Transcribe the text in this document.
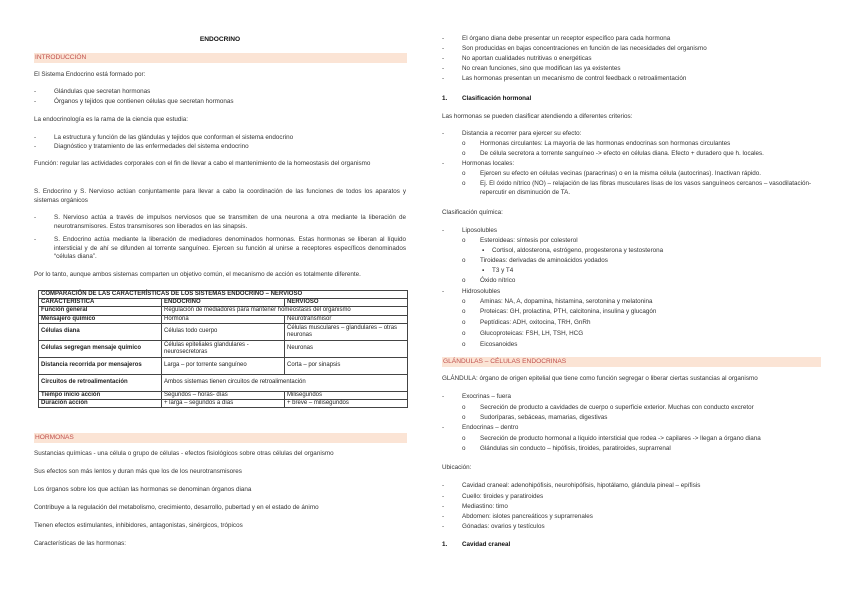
ENDOCRINO
INTRODUCCIÓN

El Sistema Endocrino está formado por:

-	Glándulas que secretan hormonas
-	Órganos y tejidos que contienen células que secretan hormonas

La endocrinología es la rama de la ciencia que estudia:

-	La estructura y función de las glándulas y tejidos que conforman el sistema endocrino
-	Diagnóstico y tratamiento de las enfermedades del sistema endocrino

Función: regular las actividades corporales con el fin de llevar a cabo el mantenimiento de la homeostasis del organismo

S. Endocrino y S. Nervioso actúan conjuntamente para llevar a cabo la coordinación de las funciones de todos los aparatos y sistemas orgánicos

-	S. Nervioso actúa a través de impulsos nerviosos que se transmiten de una neurona a otra mediante la liberación de neurotransmisores. Estos transmisores son liberados en las sinapsis.
-	S. Endocrino actúa mediante la liberación de mediadores denominados hormonas. Estas hormonas se liberan al líquido intersticial y de ahí se difunden al torrente sanguíneo. Ejercen su función al unirse a receptores específicos denominados “células diana”.

Por lo tanto, aunque ambos sistemas comparten un objetivo común, el mecanismo de acción es totalmente diferente.

COMPARACIÓN DE LAS CARACTERÍSTICAS DE LOS SISTEMAS ENDOCRINO – NERVIOSO		
CARACTERISTICA	ENDOCRINO	NERVIOSO
Función general	Regulación de mediadores para mantener homeostasis del organismo	
Mensajero químico	Hormona	Neurotransmisor
Células diana	Células todo cuerpo	Células musculares – glandulares – otras neuronas
Células segregan mensaje químico	Células epiteliales glandulares - neurosecretoras	Neuronas
Distancia recorrida por mensajeros	Larga – por torrente sanguíneo	Corta – por sinapsis
Circuitos de retroalimentación	Ambos sistemas tienen circuitos de retroalimentación	
Tiempo inicio acción	Segundos – horas- días	Milisegundos
Duración acción	+ larga – segundos a días	+ breve – milisegundos
HORMONAS

Sustancias químicas - una célula o grupo de células - efectos fisiológicos sobre otras células del organismo

Sus efectos son más lentos y duran más que los de los neurotransmisores

Los órganos sobre los que actúan las hormonas se denominan órganos diana

Contribuye a la regulación del metabolismo, crecimiento, desarrollo, pubertad y en el estado de ánimo

Tienen efectos estimulantes, inhibidores, antagonistas, sinérgicos, trópicos

Características de las hormonas:

-	El órgano diana debe presentar un receptor específico para cada hormona
-	Son producidas en bajas concentraciones en función de las necesidades del organismo
-	No aportan cualidades nutritivas o energéticas
-	No crean funciones, sino que modifican las ya existentes
-	Las hormonas presentan un mecanismo de control feedback o retroalimentación
1. Clasificación hormonal

Las hormonas se pueden clasificar atendiendo a diferentes criterios:

-	Distancia a recorrer para ejercer su efecto:
o Hormonas circulantes: La mayoría de las hormonas endocrinas son hormonas circulantes
o De célula secretora a torrente sanguíneo -> efecto en células diana. Efecto + duradero que h. locales.
-	Hormonas locales:
o Ejercen su efecto en células vecinas (paracrinas) o en la misma célula (autocrinas). Inactivan rápido.
o Ej. El óxido nítrico (NO) – relajación de las fibras musculares lisas de los vasos sanguíneos cercanos – vasodilatación- repercutir en disminución de TA.

Clasificación química:

-	Liposolubles
o Esteroideas: síntesis por colesterol
▪ Cortisol, aldosterona, estrógeno, progesterona y testosterona
o Tiroideas: derivadas de aminoácidos yodados
▪ T3 y T4
o Óxido nítrico
-	Hidrosolubles
o Aminas: NA, A, dopamina, histamina, serotonina y melatonina
o Proteicas: GH, prolactina, PTH, calcitonina, insulina y glucagón
o Peptídicas: ADH, oxitocina, TRH, GnRh
o Glucoproteicas: FSH, LH, TSH, HCG
o Eicosanoides
GLÁNDULAS – CÉLULAS ENDOCRINAS

GLÁNDULA: órgano de origen epitelial que tiene como función segregar o liberar ciertas sustancias al organismo

-	Exocrinas – fuera
o Secreción de producto a cavidades de cuerpo o superficie exterior. Muchas con conducto excretor
o Sudoríparas, sebáceas, mamarias, digestivas
-	Endocrinas – dentro
o Secreción de producto hormonal a líquido intersticial que rodea -> capilares -> llegan a órgano diana
o Glándulas sin conducto – hipófisis, tiroides, paratiroides, suprarrenal

Ubicación:

-	Cavidad craneal: adenohipófisis, neurohipófisis, hipotálamo, glándula pineal – epífisis
-	Cuello: tiroides y paratiroides
-	Mediastino: timo
-	Abdomen: islotes pancreáticos y suprarrenales
-	Gónadas: ovarios y testículos
1. Cavidad craneal
